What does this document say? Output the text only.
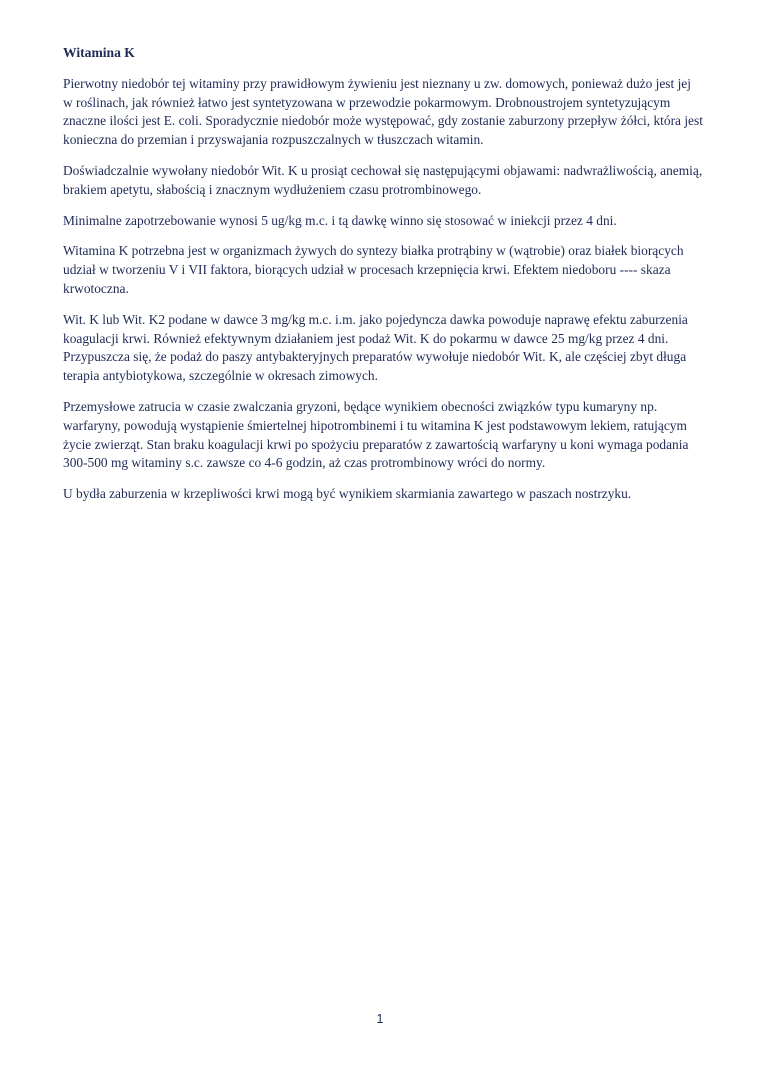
Witamina K

Pierwotny niedobór tej witaminy przy prawidłowym żywieniu jest nieznany u zw. domowych, ponieważ dużo jest jej w roślinach, jak również łatwo jest syntetyzowana w przewodzie pokarmowym. Drobnoustrojem syntetyzującym znaczne ilości jest E. coli. Sporadycznie niedobór może występować, gdy zostanie zaburzony przepływ żółci, która jest konieczna do przemian i przyswajania rozpuszczalnych w tłuszczach witamin.

Doświadczalnie wywołany niedobór Wit. K u prosiąt cechował się następującymi objawami: nadwrażliwością, anemią, brakiem apetytu, słabością i znacznym wydłużeniem czasu protrombinowego.

Minimalne zapotrzebowanie wynosi 5 ug/kg m.c. i tą dawkę winno się stosować w iniekcji przez 4 dni.

Witamina K potrzebna jest w organizmach żywych do syntezy białka protrąbiny w (wątrobie) oraz białek biorących udział w tworzeniu V i VII faktora, biorących udział w procesach krzepnięcia krwi. Efektem niedoboru ---- skaza krwotoczna.

Wit. K lub Wit. K2 podane w dawce 3 mg/kg m.c. i.m. jako pojedyncza dawka powoduje naprawę efektu zaburzenia koagulacji krwi. Również efektywnym działaniem jest podaż Wit. K do pokarmu w dawce 25 mg/kg przez 4 dni. Przypuszcza się, że podaż do paszy antybakteryjnych preparatów wywołuje niedobór Wit. K, ale częściej zbyt długa terapia antybiotykowa, szczególnie w okresach zimowych.

Przemysłowe zatrucia w czasie zwalczania gryzoni, będące wynikiem obecności związków typu kumaryny np. warfaryny, powodują wystąpienie śmiertelnej hipotrombinemi i tu witamina K jest podstawowym lekiem, ratującym życie zwierząt. Stan braku koagulacji krwi po spożyciu preparatów z zawartością warfaryny u koni wymaga podania 300-500 mg witaminy s.c. zawsze co 4-6 godzin, aż czas protrombinowy wróci do normy.

U bydła zaburzenia w krzepliwości krwi mogą być wynikiem skarmiania zawartego w paszach nostrzyku.

1
